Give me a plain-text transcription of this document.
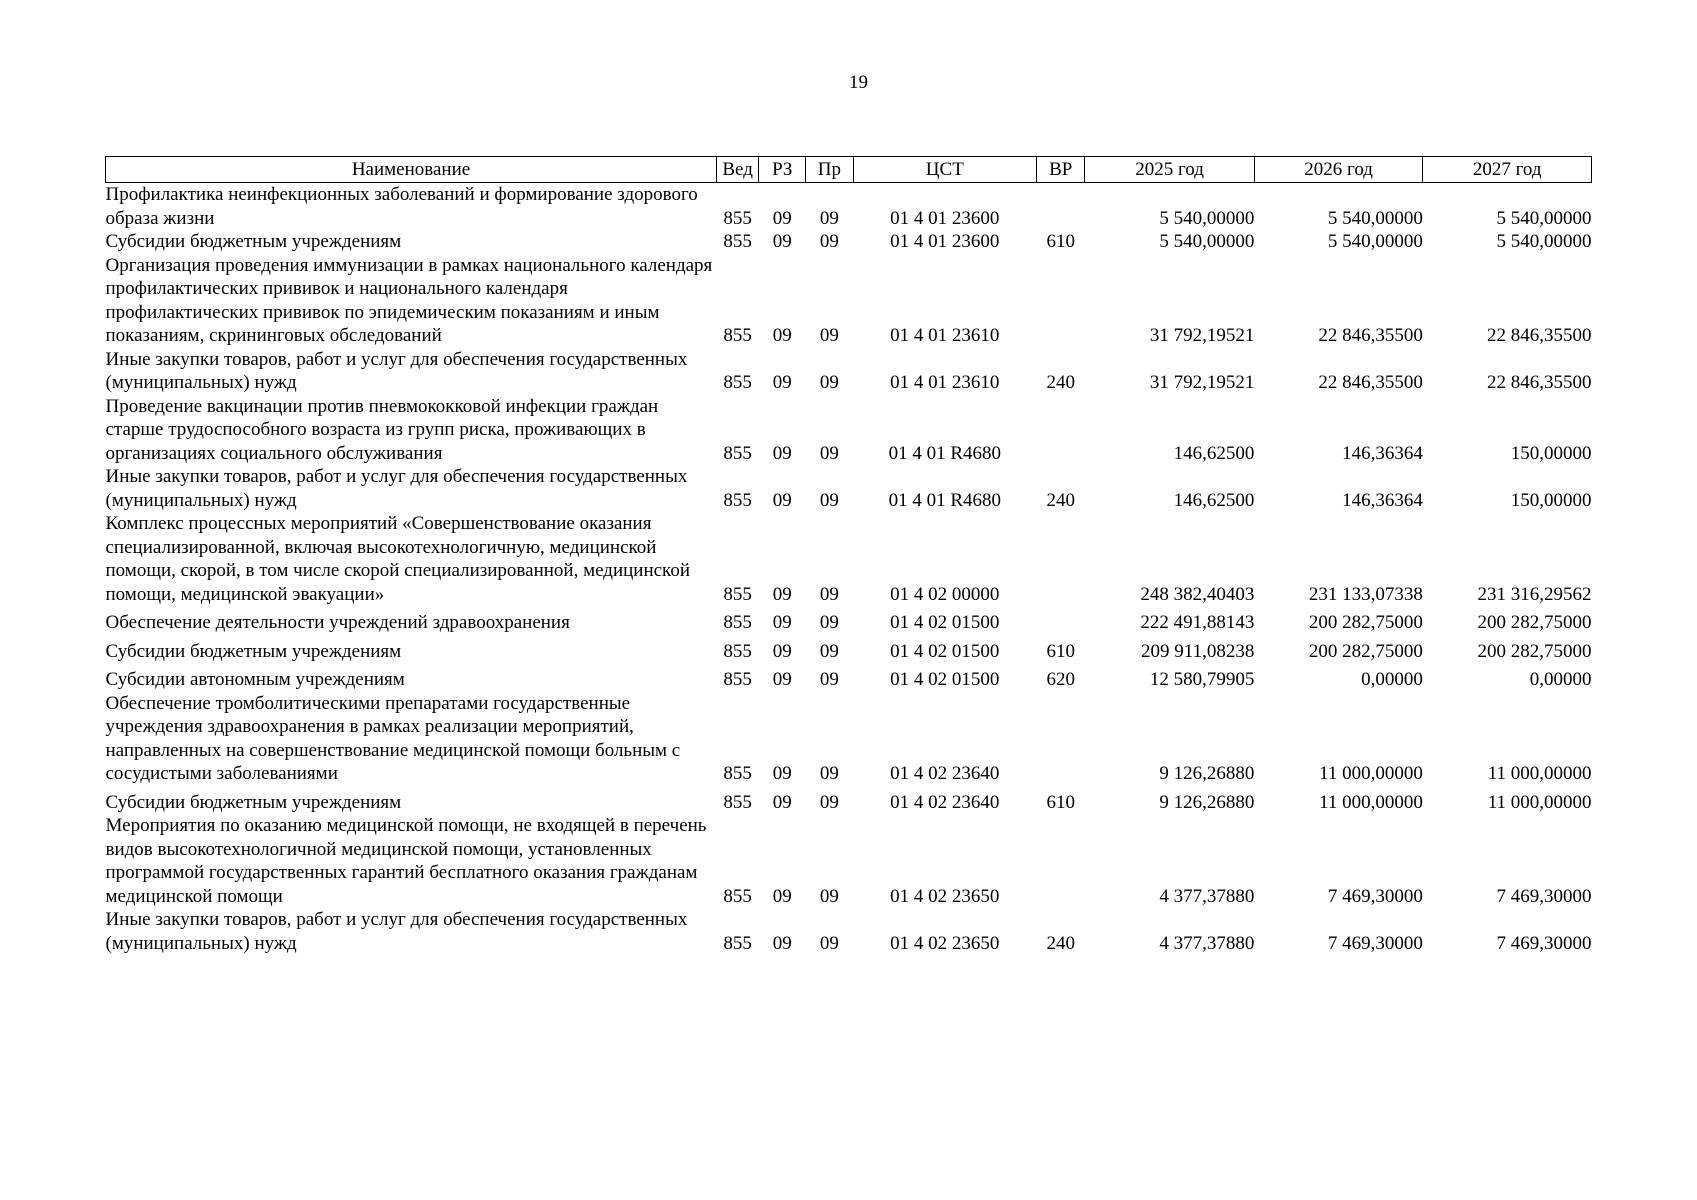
19
Наименование	Вед	РЗ	Пр	ЦСТ	ВР	2025 год	2026 год	2027 год
Профилактика неинфекционных заболеваний и формирование здорового образа жизни	855	09	09	01 4 01 23600		5 540,00000	5 540,00000	5 540,00000
Субсидии бюджетным учреждениям	855	09	09	01 4 01 23600	610	5 540,00000	5 540,00000	5 540,00000
Организация проведения иммунизации в рамках национального календаря профилактических прививок и национального календаря профилактических прививок по эпидемическим показаниям и иным показаниям, скрининговых обследований	855	09	09	01 4 01 23610		31 792,19521	22 846,35500	22 846,35500
Иные закупки товаров, работ и услуг для обеспечения государственных (муниципальных) нужд	855	09	09	01 4 01 23610	240	31 792,19521	22 846,35500	22 846,35500
Проведение вакцинации против пневмококковой инфекции граждан старше трудоспособного возраста из групп риска, проживающих в организациях социального обслуживания	855	09	09	01 4 01 R4680		146,62500	146,36364	150,00000
Иные закупки товаров, работ и услуг для обеспечения государственных (муниципальных) нужд	855	09	09	01 4 01 R4680	240	146,62500	146,36364	150,00000
Комплекс процессных мероприятий «Совершенствование оказания специализированной, включая высокотехнологичную, медицинской помощи, скорой, в том числе скорой специализированной, медицинской помощи, медицинской эвакуации»	855	09	09	01 4 02 00000		248 382,40403	231 133,07338	231 316,29562
Обеспечение деятельности учреждений здравоохранения	855	09	09	01 4 02 01500		222 491,88143	200 282,75000	200 282,75000
Субсидии бюджетным учреждениям	855	09	09	01 4 02 01500	610	209 911,08238	200 282,75000	200 282,75000
Субсидии автономным учреждениям	855	09	09	01 4 02 01500	620	12 580,79905	0,00000	0,00000
Обеспечение тромболитическими препаратами государственные учреждения здравоохранения в рамках реализации мероприятий, направленных на совершенствование медицинской помощи больным с сосудистыми заболеваниями	855	09	09	01 4 02 23640		9 126,26880	11 000,00000	11 000,00000
Субсидии бюджетным учреждениям	855	09	09	01 4 02 23640	610	9 126,26880	11 000,00000	11 000,00000
Мероприятия по оказанию медицинской помощи, не входящей в перечень видов высокотехнологичной медицинской помощи, установленных программой государственных гарантий бесплатного оказания гражданам медицинской помощи	855	09	09	01 4 02 23650		4 377,37880	7 469,30000	7 469,30000
Иные закупки товаров, работ и услуг для обеспечения государственных (муниципальных) нужд	855	09	09	01 4 02 23650	240	4 377,37880	7 469,30000	7 469,30000
